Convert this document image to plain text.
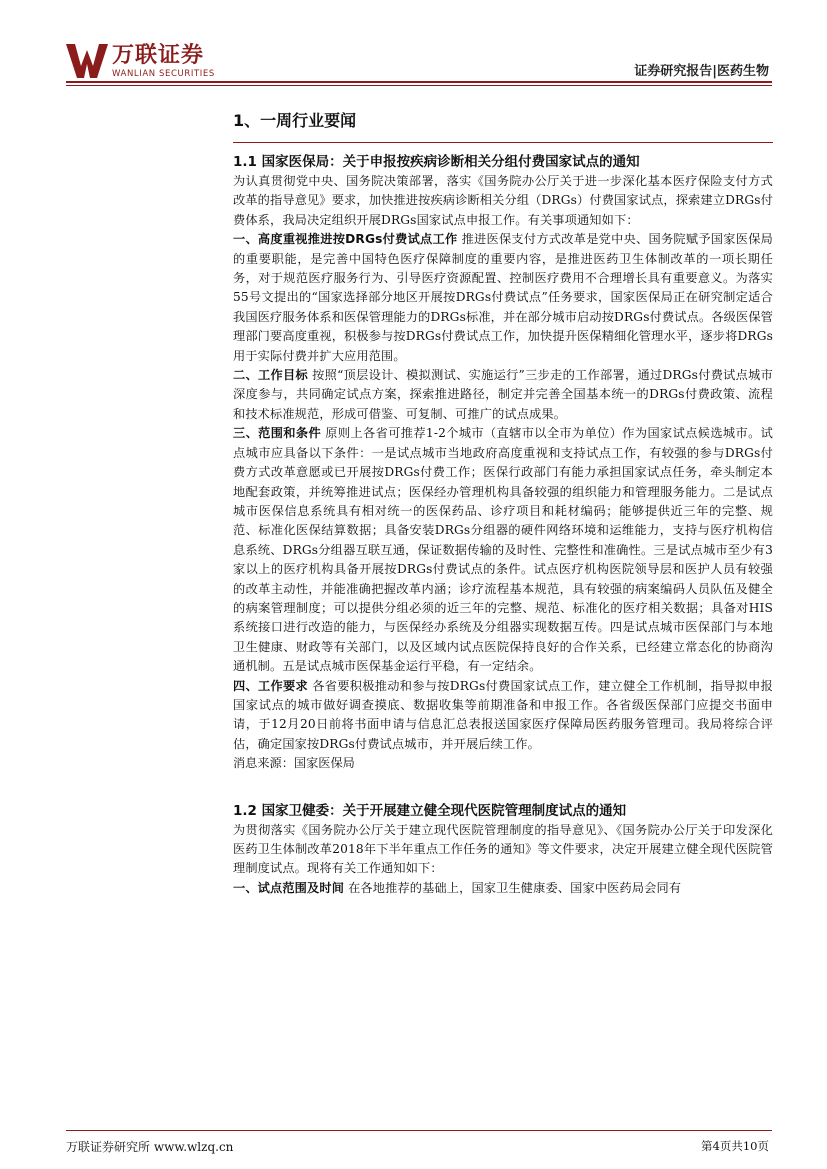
万联证券
WANLIAN SECURITIES	证券研究报告|医药生物
1、一周行业要闻
1.1 国家医保局：关于申报按疾病诊断相关分组付费国家试点的通知
为认真贯彻党中央、国务院决策部署，落实《国务院办公厅关于进一步深化基本医疗保险支付方式改革的指导意见》要求，加快推进按疾病诊断相关分组（DRGs）付费国家试点，探索建立DRGs付费体系，我局决定组织开展DRGs国家试点申报工作。有关事项通知如下：
一、高度重视推进按DRGs付费试点工作 推进医保支付方式改革是党中央、国务院赋予国家医保局的重要职能，是完善中国特色医疗保障制度的重要内容，是推进医药卫生体制改革的一项长期任务，对于规范医疗服务行为、引导医疗资源配置、控制医疗费用不合理增长具有重要意义。为落实55号文提出的“国家选择部分地区开展按DRGs付费试点”任务要求，国家医保局正在研究制定适合我国医疗服务体系和医保管理能力的DRGs标准，并在部分城市启动按DRGs付费试点。各级医保管理部门要高度重视，积极参与按DRGs付费试点工作，加快提升医保精细化管理水平，逐步将DRGs用于实际付费并扩大应用范围。
二、工作目标 按照“顶层设计、模拟测试、实施运行”三步走的工作部署，通过DRGs付费试点城市深度参与，共同确定试点方案，探索推进路径，制定并完善全国基本统一的DRGs付费政策、流程和技术标准规范，形成可借鉴、可复制、可推广的试点成果。
三、范围和条件 原则上各省可推荐1-2个城市（直辖市以全市为单位）作为国家试点候选城市。试点城市应具备以下条件：一是试点城市当地政府高度重视和支持试点工作，有较强的参与DRGs付费方式改革意愿或已开展按DRGs付费工作；医保行政部门有能力承担国家试点任务，牵头制定本地配套政策，并统筹推进试点；医保经办管理机构具备较强的组织能力和管理服务能力。二是试点城市医保信息系统具有相对统一的医保药品、诊疗项目和耗材编码；能够提供近三年的完整、规范、标准化医保结算数据；具备安装DRGs分组器的硬件网络环境和运维能力，支持与医疗机构信息系统、DRGs分组器互联互通，保证数据传输的及时性、完整性和准确性。三是试点城市至少有3家以上的医疗机构具备开展按DRGs付费试点的条件。试点医疗机构医院领导层和医护人员有较强的改革主动性，并能准确把握改革内涵；诊疗流程基本规范，具有较强的病案编码人员队伍及健全的病案管理制度；可以提供分组必须的近三年的完整、规范、标准化的医疗相关数据；具备对HIS系统接口进行改造的能力，与医保经办系统及分组器实现数据互传。四是试点城市医保部门与本地卫生健康、财政等有关部门，以及区域内试点医院保持良好的合作关系，已经建立常态化的协商沟通机制。五是试点城市医保基金运行平稳，有一定结余。
四、工作要求 各省要积极推动和参与按DRGs付费国家试点工作，建立健全工作机制，指导拟申报国家试点的城市做好调查摸底、数据收集等前期准备和申报工作。各省级医保部门应提交书面申请，于12月20日前将书面申请与信息汇总表报送国家医疗保障局医药服务管理司。我局将综合评估，确定国家按DRGs付费试点城市，并开展后续工作。
消息来源：国家医保局
1.2 国家卫健委：关于开展建立健全现代医院管理制度试点的通知
为贯彻落实《国务院办公厅关于建立现代医院管理制度的指导意见》、《国务院办公厅关于印发深化医药卫生体制改革2018年下半年重点工作任务的通知》等文件要求，决定开展建立健全现代医院管理制度试点。现将有关工作通知如下：
一、试点范围及时间 在各地推荐的基础上，国家卫生健康委、国家中医药局会同有
万联证券研究所 www.wlzq.cn	第4页共10页
